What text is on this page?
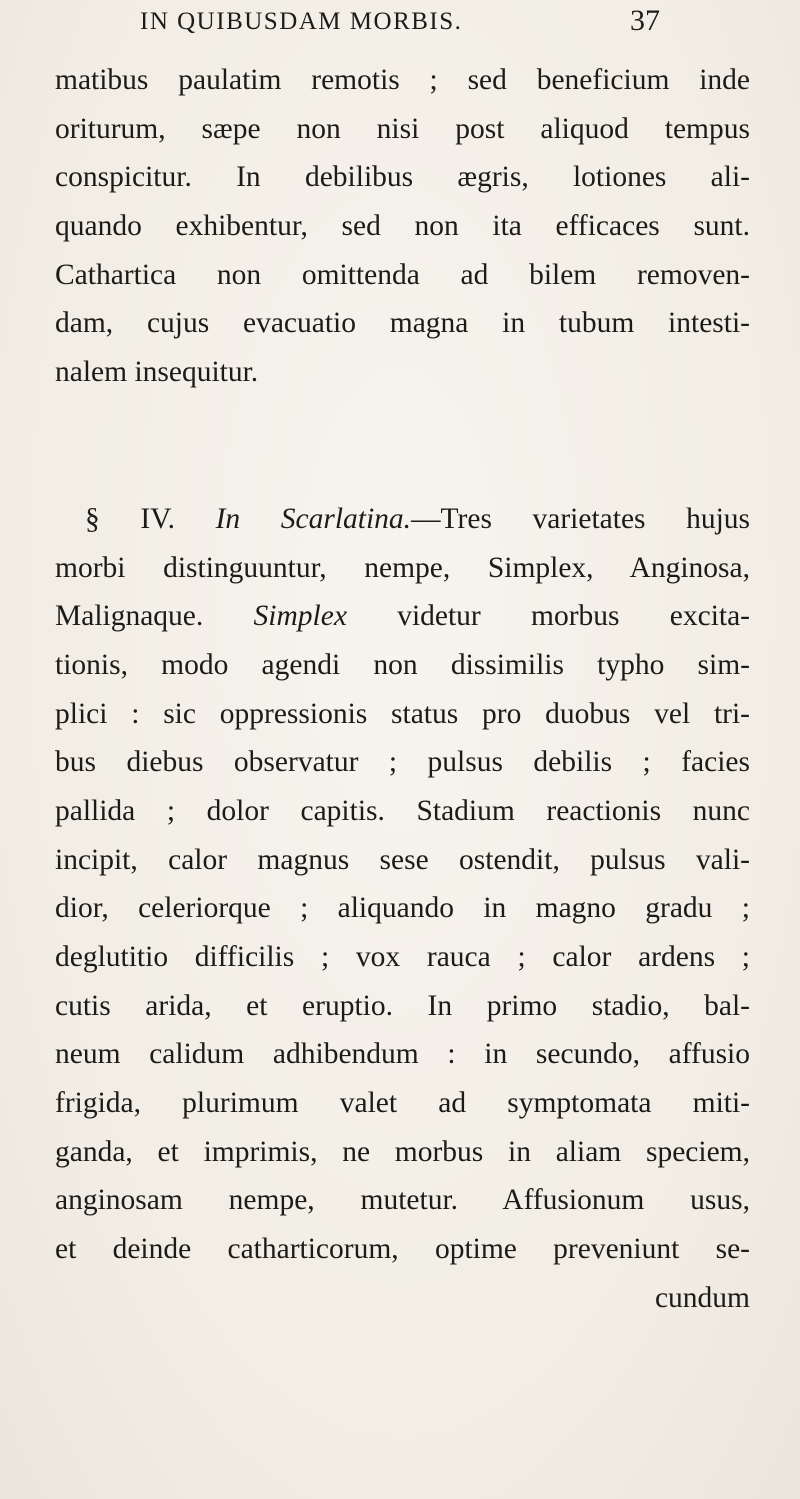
IN QUIBUSDAM MORBIS.	37
matibus paulatim remotis ; sed beneficium inde
oriturum, sæpe non nisi post aliquod tempus
conspicitur. In debilibus ægris, lotiones ali-
quando exhibentur, sed non ita efficaces sunt.
Cathartica non omittenda ad bilem removen-
dam, cujus evacuatio magna in tubum intesti-
nalem insequitur.
§ IV. In Scarlatina.—Tres varietates hujus
morbi distinguuntur, nempe, Simplex, Anginosa,
Malignaque. Simplex videtur morbus excita-
tionis, modo agendi non dissimilis typho sim-
plici : sic oppressionis status pro duobus vel tri-
bus diebus observatur ; pulsus debilis ; facies
pallida ; dolor capitis. Stadium reactionis nunc
incipit, calor magnus sese ostendit, pulsus vali-
dior, celeriorque ; aliquando in magno gradu ;
deglutitio difficilis ; vox rauca ; calor ardens ;
cutis arida, et eruptio. In primo stadio, bal-
neum calidum adhibendum : in secundo, affusio
frigida, plurimum valet ad symptomata miti-
ganda, et imprimis, ne morbus in aliam speciem,
anginosam nempe, mutetur. Affusionum usus,
et deinde catharticorum, optime preveniunt se-
cundum
